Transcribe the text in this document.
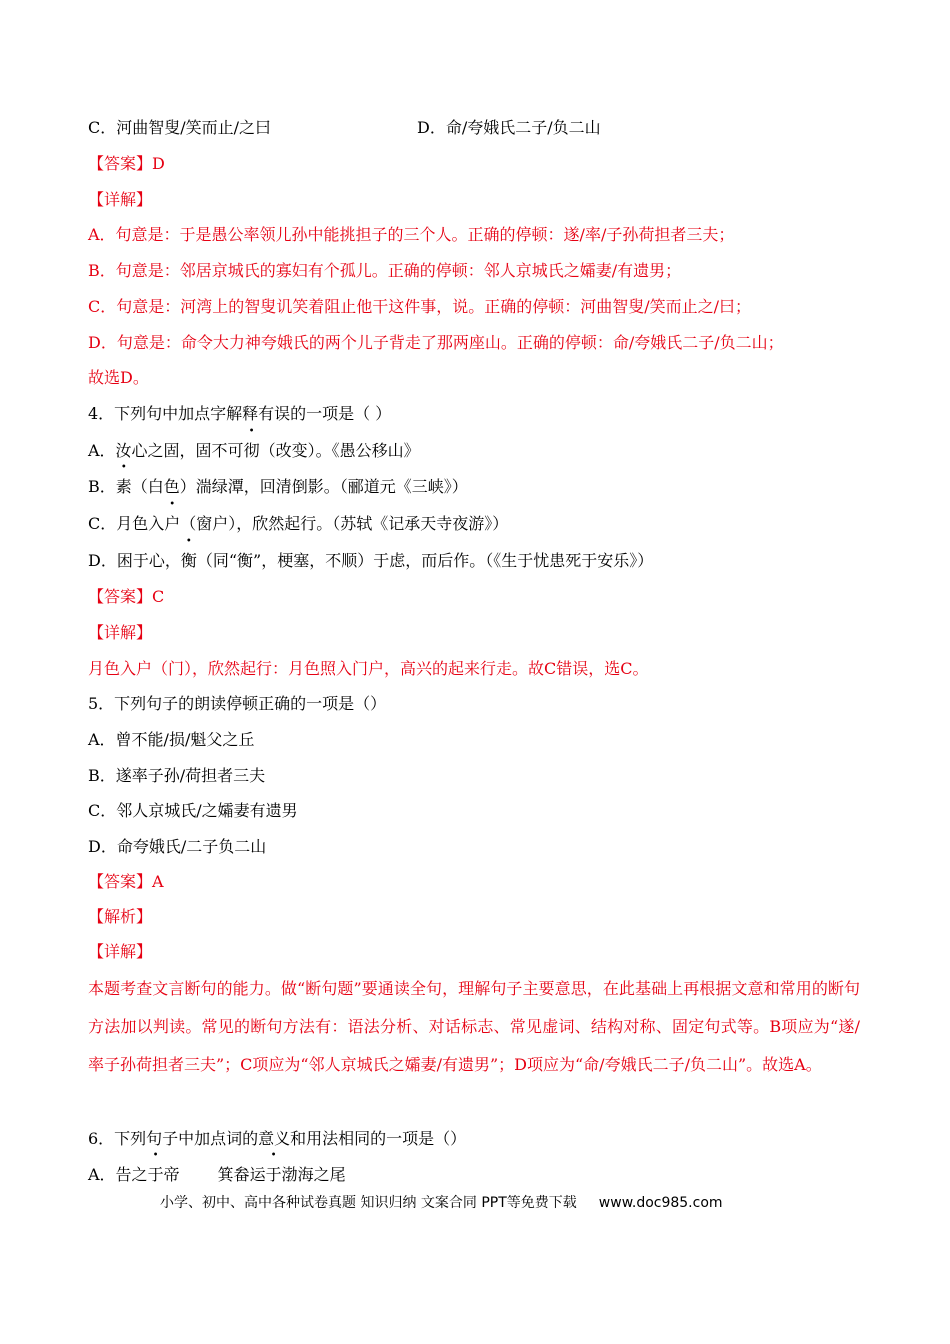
C．河曲智叟/笑而止/之曰	D．命/夸娥氏二子/负二山
【答案】D
【详解】
A．句意是：于是愚公率领儿孙中能挑担子的三个人。正确的停顿：遂/率/子孙荷担者三夫；
B．句意是：邻居京城氏的寡妇有个孤儿。正确的停顿：邻人京城氏之孀妻/有遗男；
C．句意是：河湾上的智叟讥笑着阻止他干这件事，说。正确的停顿：河曲智叟/笑而止之/曰；
D．句意是：命令大力神夸娥氏的两个儿子背走了那两座山。正确的停顿：命/夸娥氏二子/负二山；
故选D。
4．下列句中加点字解释有误的一项是（ ）
A．汝心之固，固不可彻（改变）。《愚公移山》
B．素（白色）湍绿潭，回清倒影。（郦道元《三峡》）
C．月色入户（窗户），欣然起行。（苏轼《记承天寺夜游》）
D．困于心，衡（同“衡”，梗塞，不顺）于虑，而后作。（《生于忧患死于安乐》）
【答案】C
【详解】
月色入户（门），欣然起行：月色照入门户，高兴的起来行走。故C错误，选C。
5．下列句子的朗读停顿正确的一项是（）
A．曾不能/损/魁父之丘
B．遂率子孙/荷担者三夫
C．邻人京城氏/之孀妻有遗男
D．命夸娥氏/二子负二山
【答案】A
【解析】
【详解】
本题考查文言断句的能力。做“断句题”要通读全句，理解句子主要意思，在此基础上再根据文意和常用的断句方法加以判读。常见的断句方法有：语法分析、对话标志、常见虚词、结构对称、固定句式等。B项应为“遂/率子孙荷担者三夫”；C项应为“邻人京城氏之孀妻/有遗男”；D项应为“命/夸娥氏二子/负二山”。故选A。
6．下列句子中加点词的意义和用法相同的一项是（）
A．告之于帝 箕畚运于渤海之尾
小学、初中、高中各种试卷真题 知识归纳 文案合同 PPT等免费下载 www.doc985.com
